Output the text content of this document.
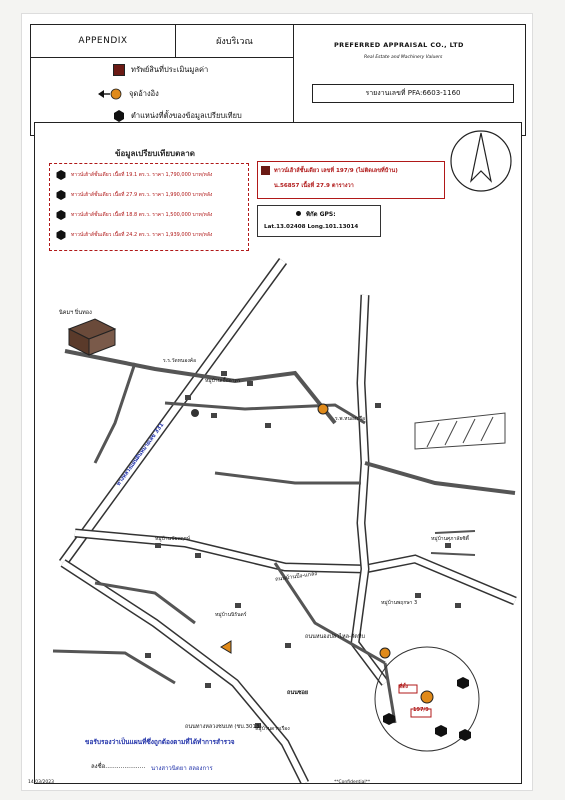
APPENDIX	ผังบริเวณ	PREFERRED APPRAISAL CO., LTD
Real Estate and Machinery Valuers
รายงานเลขที่ PFA:6603-1160
ทรัพย์สินที่ประเมินมูลค่า
จุดอ้างอิง
ตำแหน่งที่ตั้งของข้อมูลเปรียบเทียบ
ข้อมูลเปรียบเทียบตลาด
ทาวน์เฮ้าส์ชั้นเดียว เนื้อที่ 19.1 ตร.ว. ราคา 1,790,000 บาท/หลัง
ทาวน์เฮ้าส์ชั้นเดียว เนื้อที่ 27.9 ตร.ว. ราคา 1,990,000 บาท/หลัง
ทาวน์เฮ้าส์ชั้นเดียว เนื้อที่ 18.8 ตร.ว. ราคา 1,500,000 บาท/หลัง
ทาวน์เฮ้าส์ชั้นเดียว เนื้อที่ 24.2 ตร.ว. ราคา 1,939,000 บาท/หลัง
ทาวน์เฮ้าส์ชั้นเดียว เลขที่ 197/9 (ไม่ติดเลขที่บ้าน)
น.56857 เนื้อที่ 27.9 ตารางวา
พิกัด GPS:
Lat.13.02408 Long.101.13014
นิคมฯ ปิ่นทอง
ทางหลวงแผ่นดินหมายเลข 331
ถนนบ้านบึง-แกลง
ถนนหนองปลาไหล-สัตหีบ
ร.ร.วัดหนองค้อ
ร.พ.หนองปรือ
หมู่บ้านเอื้ออาทร
หมู่บ้านชัยพฤกษ์	หมู่บ้านศุภาลัยซิตี้
หมู่บ้านพฤกษา 3
หมู่บ้านนิรันดร์
หมู่บ้านดาวเรือง
ถนนทางหลวงชนบท (ชบ.3013)
ที่ตั้ง
197/9
ถนนซอย
ขอรับรองว่าเป็นแผนที่ซึ่งถูกต้องตามที่ได้ทำการสำรวจ
ลงชื่อ..................... นางสาวนิตยา สลองการ
14/03/2023	**Confidential**
